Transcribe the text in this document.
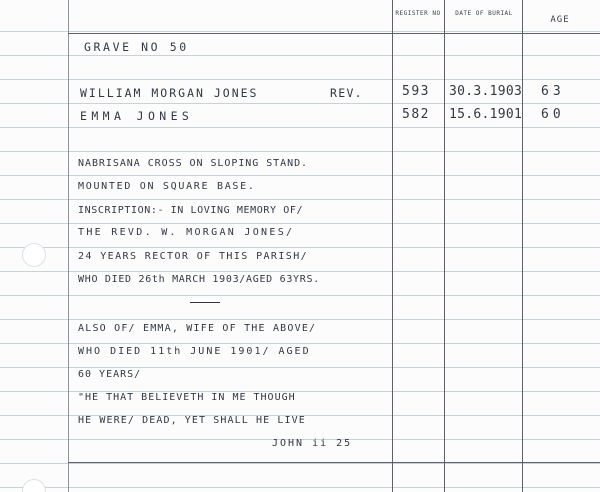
REGISTER NO	DATE OF BURIAL
AGE
GRAVE NO 50
WILLIAM MORGAN JONES	REV.	593 30.3.1903 63
EMMA JONES	582 15.6.1901 60
NABRISANA CROSS ON SLOPING STAND.
MOUNTED ON SQUARE BASE.
INSCRIPTION:- IN LOVING MEMORY OF/
THE REVD. W. MORGAN JONES/
24 YEARS RECTOR OF THIS PARISH/
WHO DIED 26th MARCH 1903/AGED 63YRS.
ALSO OF/ EMMA, WIFE OF THE ABOVE/
WHO DIED 11th JUNE 1901/ AGED
60 YEARS/
"HE THAT BELIEVETH IN ME THOUGH
HE WERE/ DEAD, YET SHALL HE LIVE
JOHN ii 25
